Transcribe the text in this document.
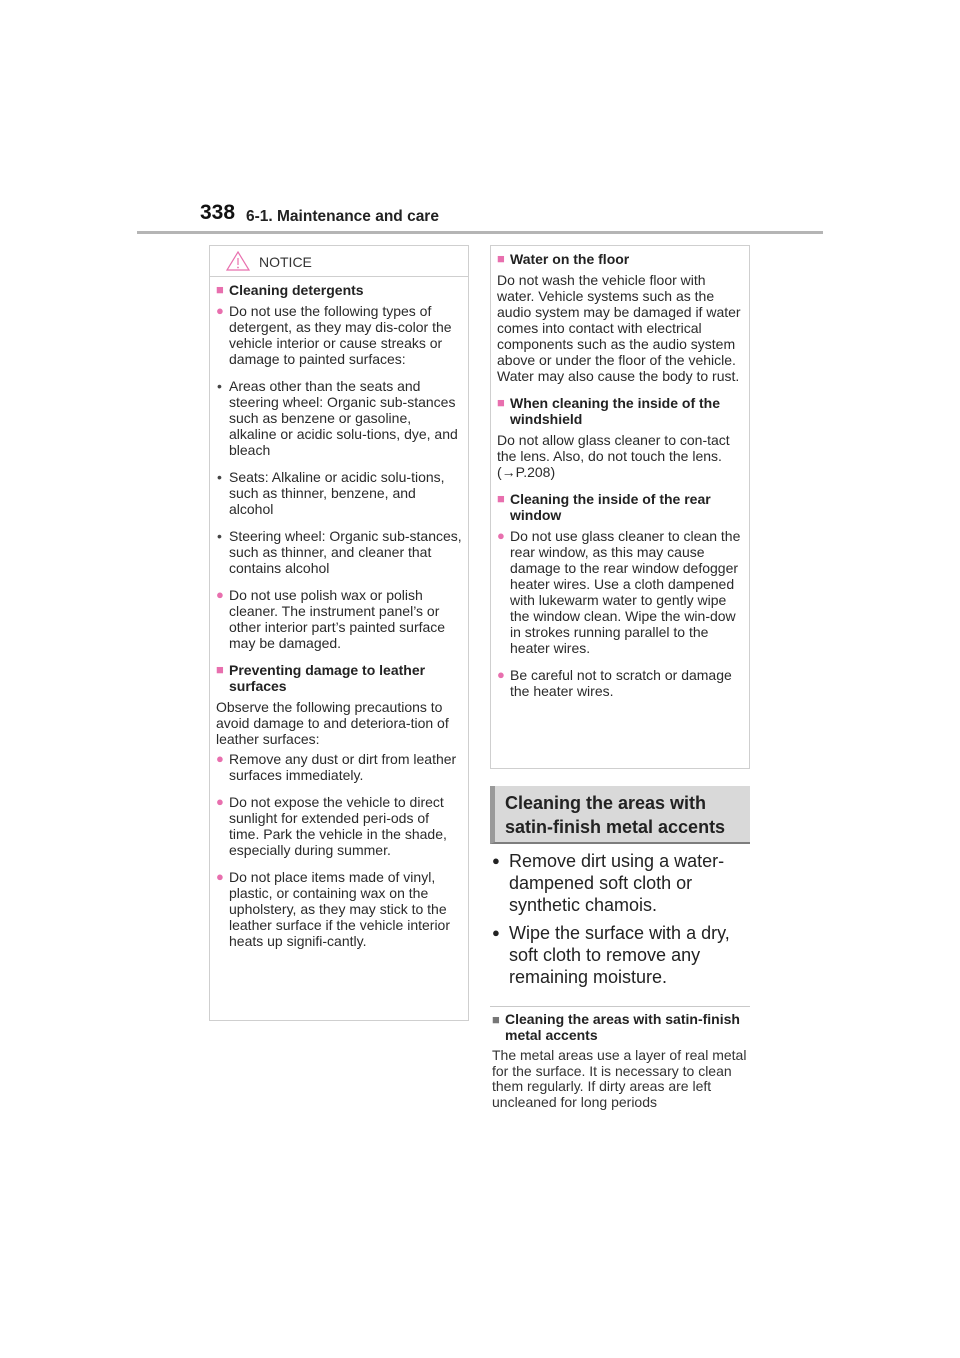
338 6-1. Maintenance and care
NOTICE
■ Cleaning detergents
● Do not use the following types of detergent, as they may dis-color the vehicle interior or cause streaks or damage to painted surfaces:
• Areas other than the seats and steering wheel: Organic sub-stances such as benzene or gasoline, alkaline or acidic solu-tions, dye, and bleach
• Seats: Alkaline or acidic solu-tions, such as thinner, benzene, and alcohol
• Steering wheel: Organic sub-stances, such as thinner, and cleaner that contains alcohol
● Do not use polish wax or polish cleaner. The instrument panel’s or other interior part’s painted surface may be damaged.
■ Preventing damage to leather surfaces
Observe the following precautions to avoid damage to and deteriora-tion of leather surfaces:
● Remove any dust or dirt from leather surfaces immediately.
● Do not expose the vehicle to direct sunlight for extended peri-ods of time. Park the vehicle in the shade, especially during summer.
● Do not place items made of vinyl, plastic, or containing wax on the upholstery, as they may stick to the leather surface if the vehicle interior heats up signifi-cantly.
■ Water on the floor
Do not wash the vehicle floor with water. Vehicle systems such as the audio system may be damaged if water comes into contact with electrical components such as the audio system above or under the floor of the vehicle. Water may also cause the body to rust.
■ When cleaning the inside of the windshield
Do not allow glass cleaner to con-tact the lens. Also, do not touch the lens. (→P.208)
■ Cleaning the inside of the rear window
● Do not use glass cleaner to clean the rear window, as this may cause damage to the rear window defogger heater wires. Use a cloth dampened with lukewarm water to gently wipe the window clean. Wipe the win-dow in strokes running parallel to the heater wires.
● Be careful not to scratch or damage the heater wires.
Cleaning the areas with satin-finish metal accents
● Remove dirt using a water-dampened soft cloth or synthetic chamois.
● Wipe the surface with a dry, soft cloth to remove any remaining moisture.
■ Cleaning the areas with satin-finish metal accents
The metal areas use a layer of real metal for the surface. It is necessary to clean them regularly. If dirty areas are left uncleaned for long periods
